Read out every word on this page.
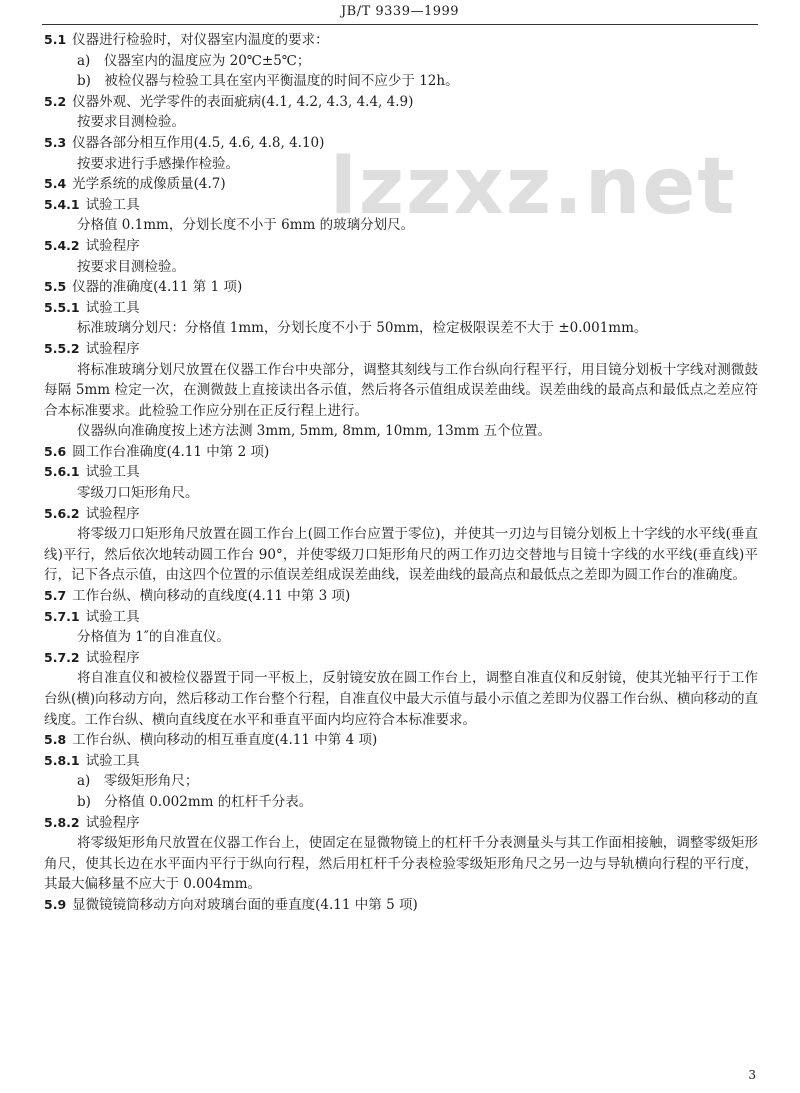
JB/T 9339—1999
lzzxz.net
5.1 仪器进行检验时，对仪器室内温度的要求：
a)　仪器室内的温度应为 20℃±5℃；
b)　被检仪器与检验工具在室内平衡温度的时间不应少于 12h。
5.2 仪器外观、光学零件的表面疵病(4.1, 4.2, 4.3, 4.4, 4.9)
按要求目测检验。
5.3 仪器各部分相互作用(4.5, 4.6, 4.8, 4.10)
按要求进行手感操作检验。
5.4 光学系统的成像质量(4.7)
5.4.1 试验工具
分格值 0.1mm，分划长度不小于 6mm 的玻璃分划尺。
5.4.2 试验程序
按要求目测检验。
5.5 仪器的准确度(4.11 第 1 项)
5.5.1 试验工具
标准玻璃分划尺：分格值 1mm，分划长度不小于 50mm，检定极限误差不大于 ±0.001mm。
5.5.2 试验程序
将标准玻璃分划尺放置在仪器工作台中央部分，调整其刻线与工作台纵向行程平行，用目镜分划板十字线对测微鼓每隔 5mm 检定一次，在测微鼓上直接读出各示值，然后将各示值组成误差曲线。误差曲线的最高点和最低点之差应符合本标准要求。此检验工作应分别在正反行程上进行。
仪器纵向准确度按上述方法测 3mm, 5mm, 8mm, 10mm, 13mm 五个位置。
5.6 圆工作台准确度(4.11 中第 2 项)
5.6.1 试验工具
零级刀口矩形角尺。
5.6.2 试验程序
将零级刀口矩形角尺放置在圆工作台上(圆工作台应置于零位)，并使其一刃边与目镜分划板上十字线的水平线(垂直线)平行，然后依次地转动圆工作台 90°，并使零级刀口矩形角尺的两工作刃边交替地与目镜十字线的水平线(垂直线)平行，记下各点示值，由这四个位置的示值误差组成误差曲线，误差曲线的最高点和最低点之差即为圆工作台的准确度。
5.7 工作台纵、横向移动的直线度(4.11 中第 3 项)
5.7.1 试验工具
分格值为 1″的自准直仪。
5.7.2 试验程序
将自准直仪和被检仪器置于同一平板上，反射镜安放在圆工作台上，调整自准直仪和反射镜，使其光轴平行于工作台纵(横)向移动方向，然后移动工作台整个行程，自准直仪中最大示值与最小示值之差即为仪器工作台纵、横向移动的直线度。工作台纵、横向直线度在水平和垂直平面内均应符合本标准要求。
5.8 工作台纵、横向移动的相互垂直度(4.11 中第 4 项)
5.8.1 试验工具
a)　零级矩形角尺；
b)　分格值 0.002mm 的杠杆千分表。
5.8.2 试验程序
将零级矩形角尺放置在仪器工作台上，使固定在显微物镜上的杠杆千分表测量头与其工作面相接触，调整零级矩形角尺，使其长边在水平面内平行于纵向行程，然后用杠杆千分表检验零级矩形角尺之另一边与导轨横向行程的平行度，其最大偏移量不应大于 0.004mm。
5.9 显微镜镜筒移动方向对玻璃台面的垂直度(4.11 中第 5 项)
3
